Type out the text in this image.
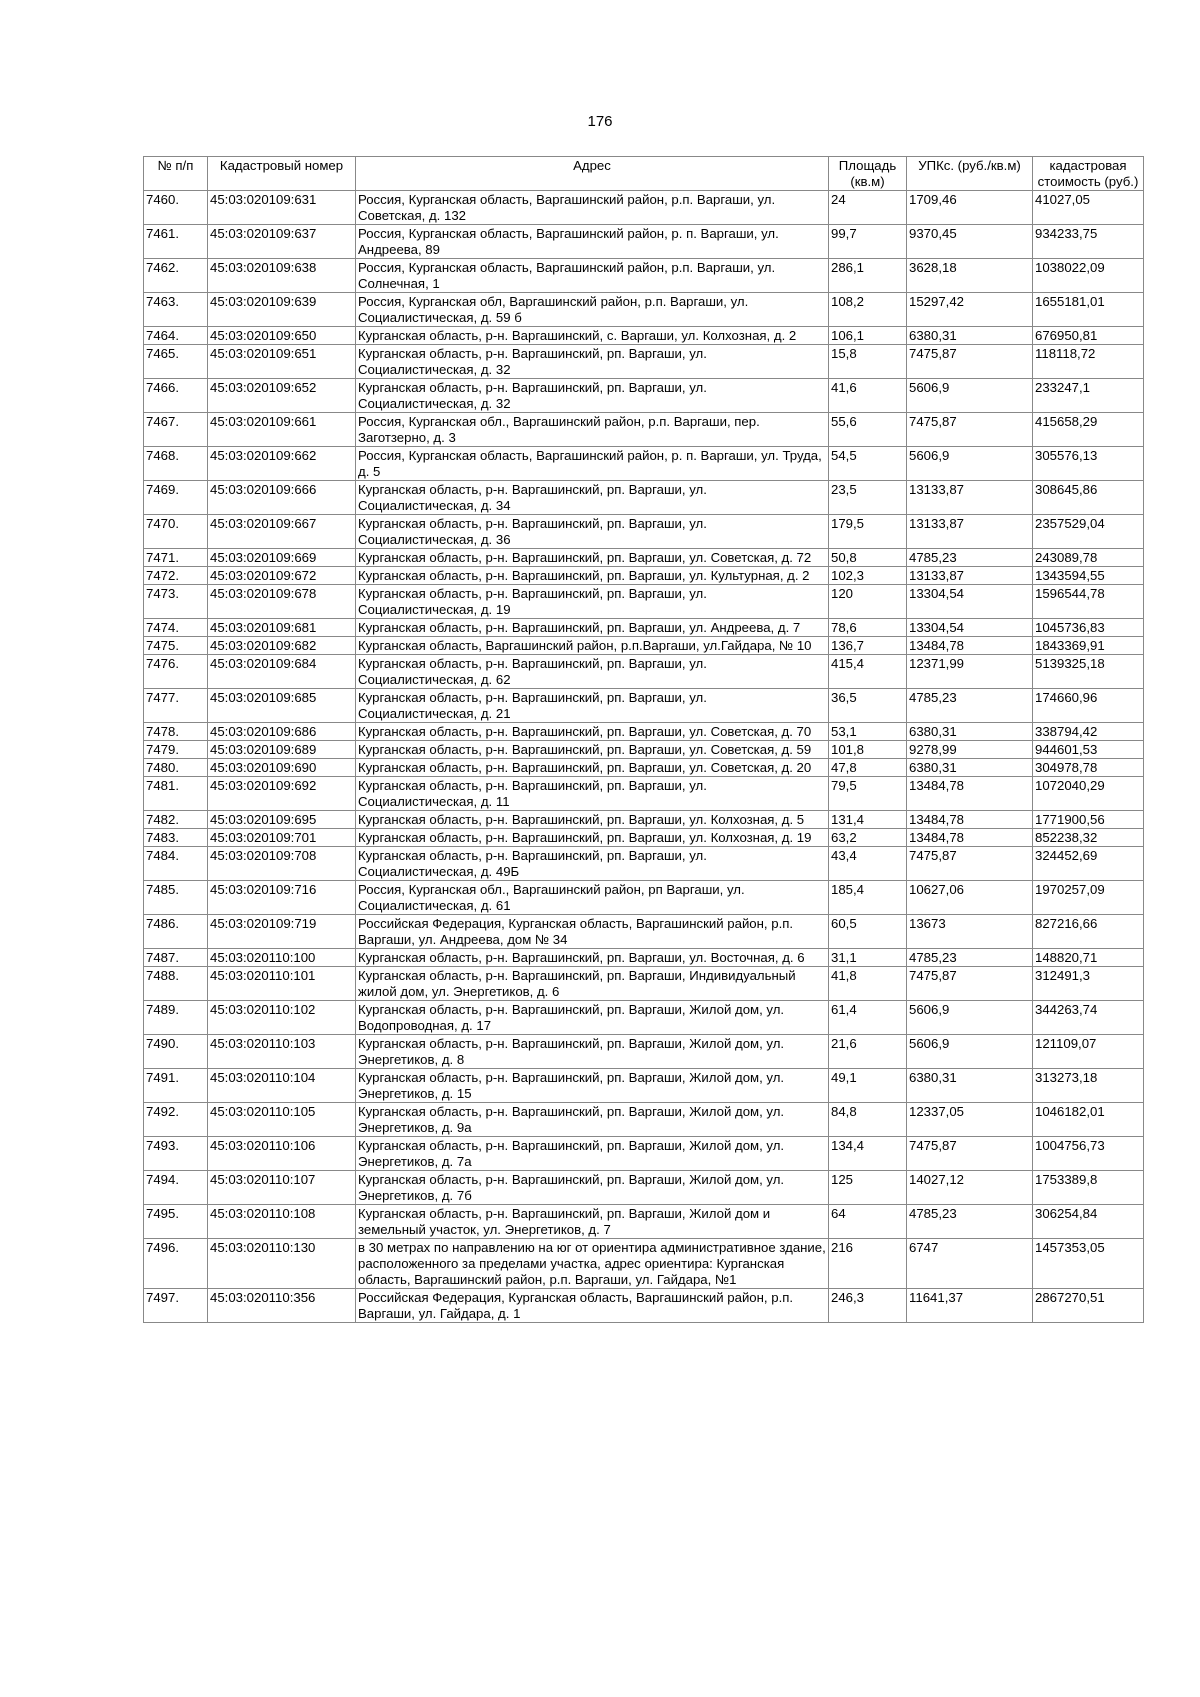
176
№ п/п	Кадастровый номер	Адрес	Площадь (кв.м)	УПКс. (руб./кв.м)	кадастровая стоимость (руб.)
7460.	45:03:020109:631	Россия, Курганская область, Варгашинский район, р.п. Варгаши, ул. Советская, д. 132	24	1709,46	41027,05
7461.	45:03:020109:637	Россия, Курганская область, Варгашинский район, р. п. Варгаши, ул. Андреева, 89	99,7	9370,45	934233,75
7462.	45:03:020109:638	Россия, Курганская область, Варгашинский район, р.п. Варгаши, ул. Солнечная, 1	286,1	3628,18	1038022,09
7463.	45:03:020109:639	Россия, Курганская обл, Варгашинский район, р.п. Варгаши, ул. Социалистическая, д. 59 б	108,2	15297,42	1655181,01
7464.	45:03:020109:650	Курганская область, р-н. Варгашинский, с. Варгаши, ул. Колхозная, д. 2	106,1	6380,31	676950,81
7465.	45:03:020109:651	Курганская область, р-н. Варгашинский, рп. Варгаши, ул. Социалистическая, д. 32	15,8	7475,87	118118,72
7466.	45:03:020109:652	Курганская область, р-н. Варгашинский, рп. Варгаши, ул. Социалистическая, д. 32	41,6	5606,9	233247,1
7467.	45:03:020109:661	Россия, Курганская обл., Варгашинский район, р.п. Варгаши, пер. Заготзерно, д. 3	55,6	7475,87	415658,29
7468.	45:03:020109:662	Россия, Курганская область, Варгашинский район, р. п. Варгаши, ул. Труда, д. 5	54,5	5606,9	305576,13
7469.	45:03:020109:666	Курганская область, р-н. Варгашинский, рп. Варгаши, ул. Социалистическая, д. 34	23,5	13133,87	308645,86
7470.	45:03:020109:667	Курганская область, р-н. Варгашинский, рп. Варгаши, ул. Социалистическая, д. 36	179,5	13133,87	2357529,04
7471.	45:03:020109:669	Курганская область, р-н. Варгашинский, рп. Варгаши, ул. Советская, д. 72	50,8	4785,23	243089,78
7472.	45:03:020109:672	Курганская область, р-н. Варгашинский, рп. Варгаши, ул. Культурная, д. 2	102,3	13133,87	1343594,55
7473.	45:03:020109:678	Курганская область, р-н. Варгашинский, рп. Варгаши, ул. Социалистическая, д. 19	120	13304,54	1596544,78
7474.	45:03:020109:681	Курганская область, р-н. Варгашинский, рп. Варгаши, ул. Андреева, д. 7	78,6	13304,54	1045736,83
7475.	45:03:020109:682	Курганская область, Варгашинский район, р.п.Варгаши, ул.Гайдара, № 10	136,7	13484,78	1843369,91
7476.	45:03:020109:684	Курганская область, р-н. Варгашинский, рп. Варгаши, ул. Социалистическая, д. 62	415,4	12371,99	5139325,18
7477.	45:03:020109:685	Курганская область, р-н. Варгашинский, рп. Варгаши, ул. Социалистическая, д. 21	36,5	4785,23	174660,96
7478.	45:03:020109:686	Курганская область, р-н. Варгашинский, рп. Варгаши, ул. Советская, д. 70	53,1	6380,31	338794,42
7479.	45:03:020109:689	Курганская область, р-н. Варгашинский, рп. Варгаши, ул. Советская, д. 59	101,8	9278,99	944601,53
7480.	45:03:020109:690	Курганская область, р-н. Варгашинский, рп. Варгаши, ул. Советская, д. 20	47,8	6380,31	304978,78
7481.	45:03:020109:692	Курганская область, р-н. Варгашинский, рп. Варгаши, ул. Социалистическая, д. 11	79,5	13484,78	1072040,29
7482.	45:03:020109:695	Курганская область, р-н. Варгашинский, рп. Варгаши, ул. Колхозная, д. 5	131,4	13484,78	1771900,56
7483.	45:03:020109:701	Курганская область, р-н. Варгашинский, рп. Варгаши, ул. Колхозная, д. 19	63,2	13484,78	852238,32
7484.	45:03:020109:708	Курганская область, р-н. Варгашинский, рп. Варгаши, ул. Социалистическая, д. 49Б	43,4	7475,87	324452,69
7485.	45:03:020109:716	Россия, Курганская обл., Варгашинский район, рп Варгаши, ул. Социалистическая, д. 61	185,4	10627,06	1970257,09
7486.	45:03:020109:719	Российская Федерация, Курганская область, Варгашинский район, р.п. Варгаши, ул. Андреева, дом № 34	60,5	13673	827216,66
7487.	45:03:020110:100	Курганская область, р-н. Варгашинский, рп. Варгаши, ул. Восточная, д. 6	31,1	4785,23	148820,71
7488.	45:03:020110:101	Курганская область, р-н. Варгашинский, рп. Варгаши, Индивидуальный жилой дом, ул. Энергетиков, д. 6	41,8	7475,87	312491,3
7489.	45:03:020110:102	Курганская область, р-н. Варгашинский, рп. Варгаши, Жилой дом, ул. Водопроводная, д. 17	61,4	5606,9	344263,74
7490.	45:03:020110:103	Курганская область, р-н. Варгашинский, рп. Варгаши, Жилой дом, ул. Энергетиков, д. 8	21,6	5606,9	121109,07
7491.	45:03:020110:104	Курганская область, р-н. Варгашинский, рп. Варгаши, Жилой дом, ул. Энергетиков, д. 15	49,1	6380,31	313273,18
7492.	45:03:020110:105	Курганская область, р-н. Варгашинский, рп. Варгаши, Жилой дом, ул. Энергетиков, д. 9а	84,8	12337,05	1046182,01
7493.	45:03:020110:106	Курганская область, р-н. Варгашинский, рп. Варгаши, Жилой дом, ул. Энергетиков, д. 7а	134,4	7475,87	1004756,73
7494.	45:03:020110:107	Курганская область, р-н. Варгашинский, рп. Варгаши, Жилой дом, ул. Энергетиков, д. 7б	125	14027,12	1753389,8
7495.	45:03:020110:108	Курганская область, р-н. Варгашинский, рп. Варгаши, Жилой дом и земельный участок, ул. Энергетиков, д. 7	64	4785,23	306254,84
7496.	45:03:020110:130	в 30 метрах по направлению на юг от ориентира административное здание, расположенного за пределами участка, адрес ориентира: Курганская область, Варгашинский район, р.п. Варгаши, ул. Гайдара, №1	216	6747	1457353,05
7497.	45:03:020110:356	Российская Федерация, Курганская область, Варгашинский район, р.п. Варгаши, ул. Гайдара, д. 1	246,3	11641,37	2867270,51
